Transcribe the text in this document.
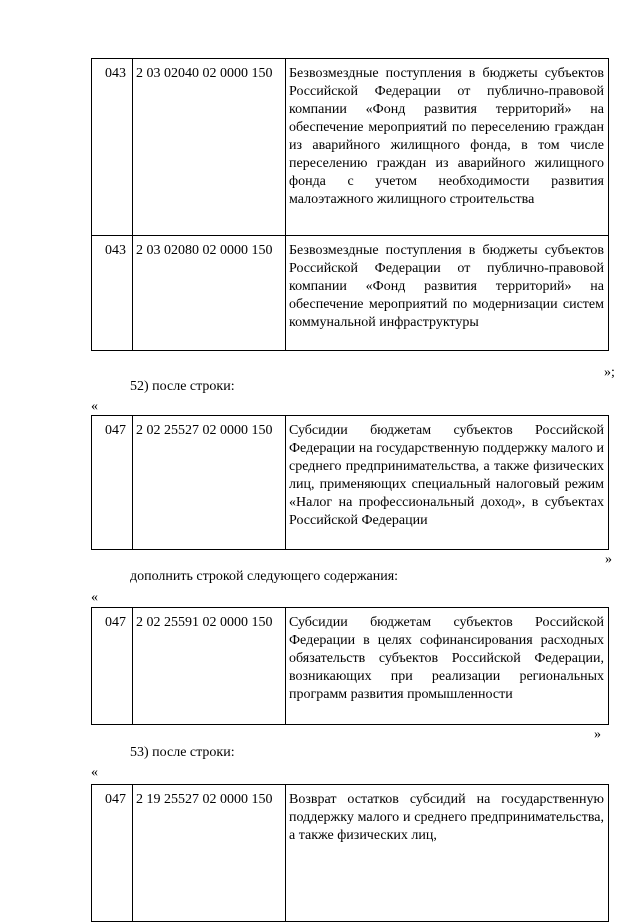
043	2 03 02040 02 0000 150	Безвозмездные поступления в бюджеты субъектов Российской Федерации от публично-правовой компании «Фонд развития территорий» на обеспечение мероприятий по переселению граждан из аварийного жилищного фонда, в том числе переселению граждан из аварийного жилищного фонда с учетом необходимости развития малоэтажного жилищного строительства
043	2 03 02080 02 0000 150	Безвозмездные поступления в бюджеты субъектов Российской Федерации от публично-правовой компании «Фонд развития территорий» на обеспечение мероприятий по модернизации систем коммунальной инфраструктуры
»;
52) после строки:
«
047	2 02 25527 02 0000 150	Субсидии бюджетам субъектов Российской Федерации на государственную поддержку малого и среднего предпринимательства, а также физических лиц, применяющих специальный налоговый режим «Налог на профессиональный доход», в субъектах Российской Федерации
»
дополнить строкой следующего содержания:
«
047	2 02 25591 02 0000 150	Субсидии бюджетам субъектов Российской Федерации в целях софинансирования расходных обязательств субъектов Российской Федерации, возникающих при реализации региональных программ развития промышленности
»
53) после строки:
«
047	2 19 25527 02 0000 150	Возврат остатков субсидий на государственную поддержку малого и среднего предпринимательства, а также физических лиц,
